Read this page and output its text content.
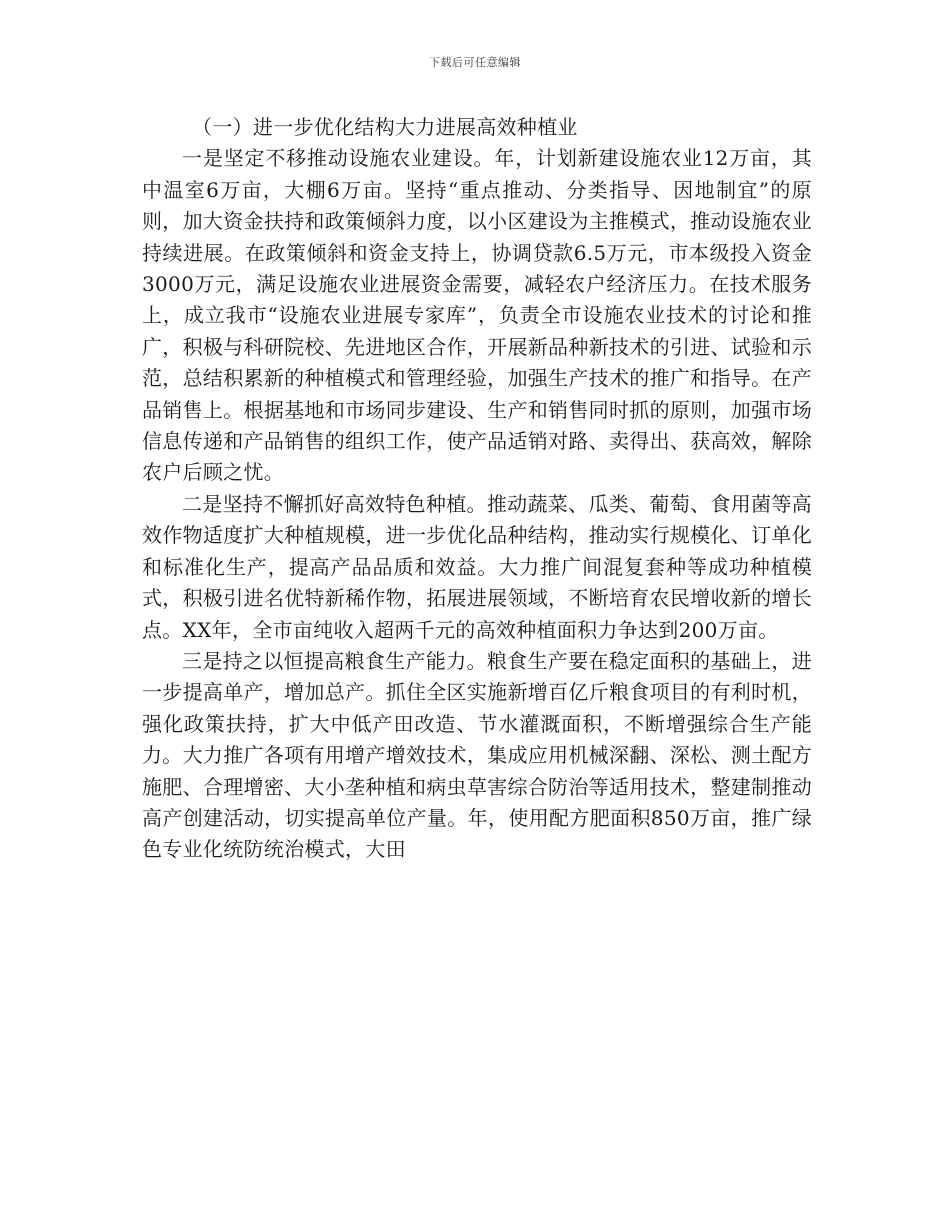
下载后可任意编辑

（一）进一步优化结构大力进展高效种植业

一是坚定不移推动设施农业建设。年，计划新建设施农业12万亩，其中温室6万亩，大棚6万亩。坚持“重点推动、分类指导、因地制宜”的原则，加大资金扶持和政策倾斜力度，以小区建设为主推模式，推动设施农业持续进展。在政策倾斜和资金支持上，协调贷款6.5万元，市本级投入资金3000万元，满足设施农业进展资金需要，减轻农户经济压力。在技术服务上，成立我市“设施农业进展专家库”，负责全市设施农业技术的讨论和推广，积极与科研院校、先进地区合作，开展新品种新技术的引进、试验和示范，总结积累新的种植模式和管理经验，加强生产技术的推广和指导。在产品销售上。根据基地和市场同步建设、生产和销售同时抓的原则，加强市场信息传递和产品销售的组织工作，使产品适销对路、卖得出、获高效，解除农户后顾之忧。

二是坚持不懈抓好高效特色种植。推动蔬菜、瓜类、葡萄、食用菌等高效作物适度扩大种植规模，进一步优化品种结构，推动实行规模化、订单化和标准化生产，提高产品品质和效益。大力推广间混复套种等成功种植模式，积极引进名优特新稀作物，拓展进展领域，不断培育农民增收新的增长点。XX年，全市亩纯收入超两千元的高效种植面积力争达到200万亩。

三是持之以恒提高粮食生产能力。粮食生产要在稳定面积的基础上，进一步提高单产，增加总产。抓住全区实施新增百亿斤粮食项目的有利时机，强化政策扶持，扩大中低产田改造、节水灌溉面积，不断增强综合生产能力。大力推广各项有用增产增效技术，集成应用机械深翻、深松、测土配方施肥、合理增密、大小垄种植和病虫草害综合防治等适用技术，整建制推动高产创建活动，切实提高单位产量。年，使用配方肥面积850万亩，推广绿色专业化统防统治模式，大田
